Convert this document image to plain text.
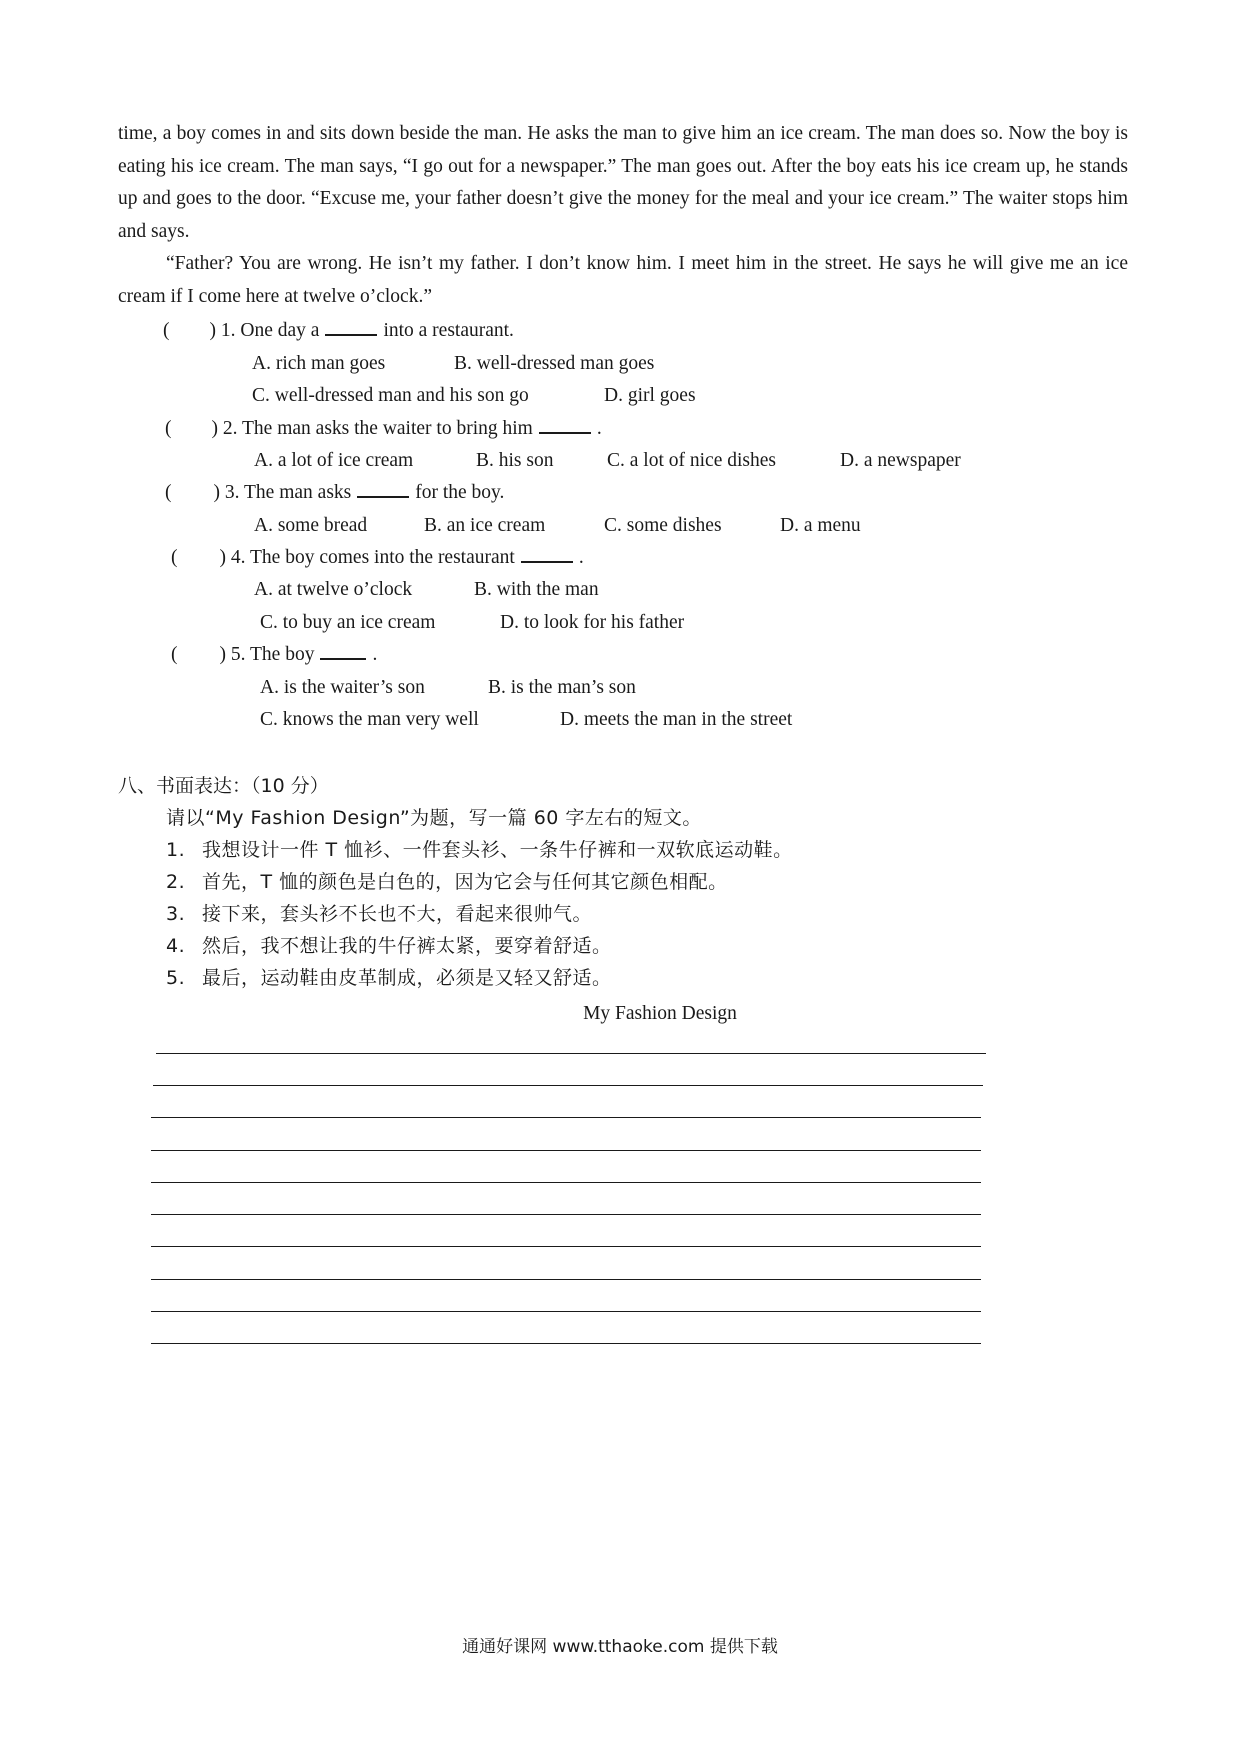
time, a boy comes in and sits down beside the man. He asks the man to give him an ice cream. The man does so. Now the boy is eating his ice cream. The man says, “I go out for a newspaper.” The man goes out. After the boy eats his ice cream up, he stands up and goes to the door. “Excuse me, your father doesn’t give the money for the meal and your ice cream.” The waiter stops him and says.

“Father? You are wrong. He isn’t my father. I don’t know him. I meet him in the street. He says he will give me an ice cream if I come here at twelve o’clock.”

( ) 1. One day a	into a restaurant.
A. rich man goes	B. well-dressed man goes
C. well-dressed man and his son go	D. girl goes
( ) 2. The man asks the waiter to bring him	.
A. a lot of ice cream	B. his son	C. a lot of nice dishes	D. a newspaper
( ) 3. The man asks	for the boy.
A. some bread	B. an ice cream	C. some dishes	D. a menu
( ) 4. The boy comes into the restaurant	.
A. at twelve o’clock	B. with the man
C. to buy an ice cream	D. to look for his father
( ) 5. The boy	.
A. is the waiter’s son	B. is the man’s son
C. knows the man very well	D. meets the man in the street
八、书面表达：（10 分）
请以“My Fashion Design”为题，写一篇 60 字左右的短文。
1. 我想设计一件 T 恤衫、一件套头衫、一条牛仔裤和一双软底运动鞋。
2. 首先，T 恤的颜色是白色的，因为它会与任何其它颜色相配。
3. 接下来，套头衫不长也不大，看起来很帅气。
4. 然后，我不想让我的牛仔裤太紧，要穿着舒适。
5. 最后，运动鞋由皮革制成，必须是又轻又舒适。
My Fashion Design
通通好课网 www.tthaoke.com 提供下载
